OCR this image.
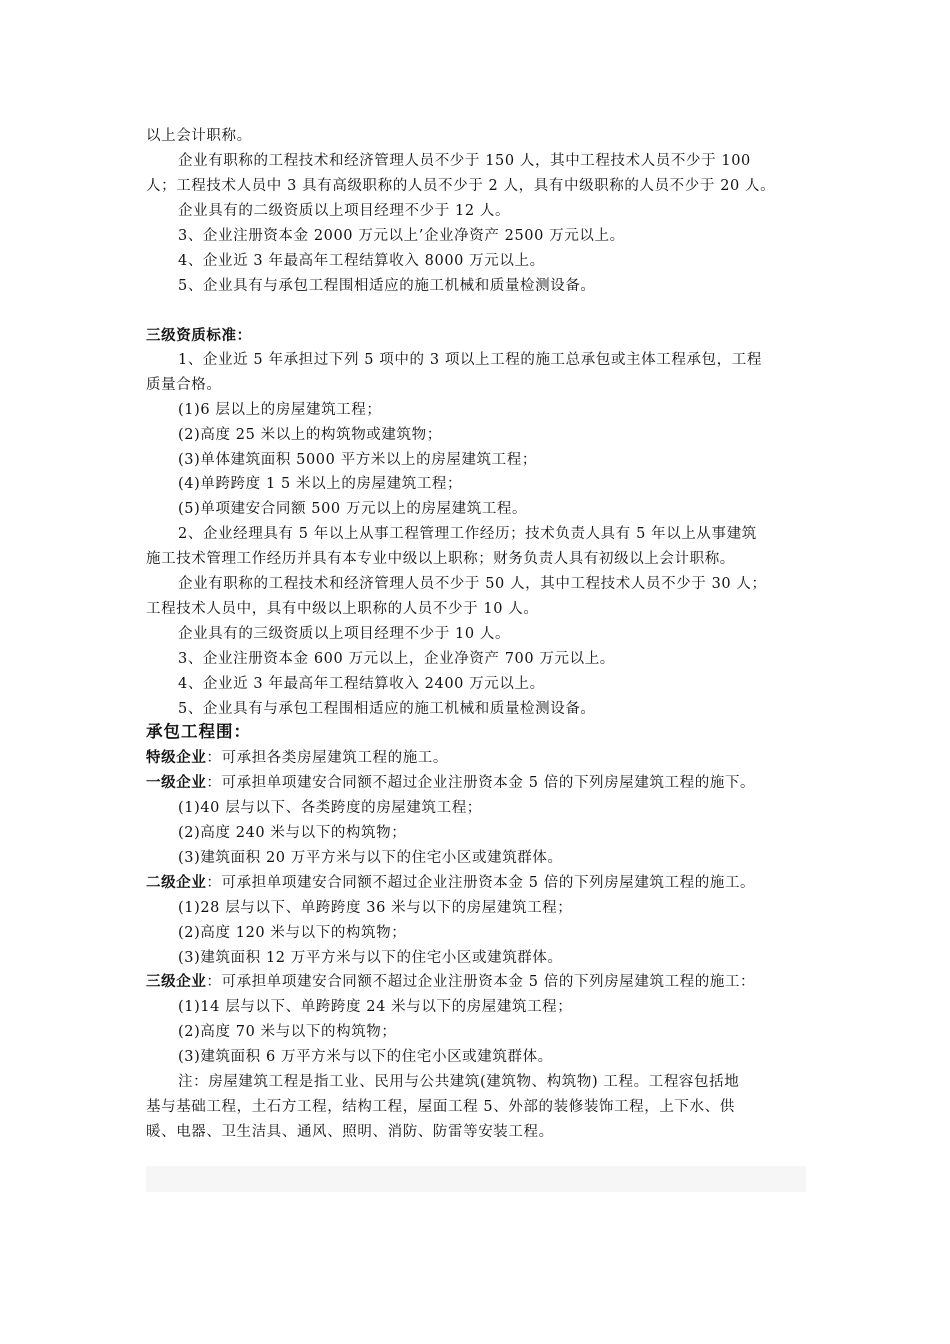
以上会计职称。
企业有职称的工程技术和经济管理人员不少于 150 人，其中工程技术人员不少于 100
人；工程技术人员中 3 具有高级职称的人员不少于 2 人，具有中级职称的人员不少于 20 人。
企业具有的二级资质以上项目经理不少于 12 人。
3、企业注册资本金 2000 万元以上’企业净资产 2500 万元以上。
4、企业近 3 年最高年工程结算收入 8000 万元以上。
5、企业具有与承包工程围相适应的施工机械和质量检测设备。
三级资质标准：
1、企业近 5 年承担过下列 5 项中的 3 项以上工程的施工总承包或主体工程承包，工程
质量合格。
(1)6 层以上的房屋建筑工程；
(2)高度 25 米以上的构筑物或建筑物；
(3)单体建筑面积 5000 平方米以上的房屋建筑工程；
(4)单跨跨度 1 5 米以上的房屋建筑工程；
(5)单项建安合同额 500 万元以上的房屋建筑工程。
2、企业经理具有 5 年以上从事工程管理工作经历；技术负责人具有 5 年以上从事建筑
施工技术管理工作经历并具有本专业中级以上职称；财务负责人具有初级以上会计职称。
企业有职称的工程技术和经济管理人员不少于 50 人，其中工程技术人员不少于 30 人；
工程技术人员中，具有中级以上职称的人员不少于 10 人。
企业具有的三级资质以上项目经理不少于 10 人。
3、企业注册资本金 600 万元以上，企业净资产 700 万元以上。
4、企业近 3 年最高年工程结算收入 2400 万元以上。
5、企业具有与承包工程围相适应的施工机械和质量检测设备。
承包工程围：
特级企业：可承担各类房屋建筑工程的施工。
一级企业：可承担单项建安合同额不超过企业注册资本金 5 倍的下列房屋建筑工程的施下。
(1)40 层与以下、各类跨度的房屋建筑工程；
(2)高度 240 米与以下的构筑物；
(3)建筑面积 20 万平方米与以下的住宅小区或建筑群体。
二级企业：可承担单项建安合同额不超过企业注册资本金 5 倍的下列房屋建筑工程的施工。
(1)28 层与以下、单跨跨度 36 米与以下的房屋建筑工程；
(2)高度 120 米与以下的构筑物；
(3)建筑面积 12 万平方米与以下的住宅小区或建筑群体。
三级企业：可承担单项建安合同额不超过企业注册资本金 5 倍的下列房屋建筑工程的施工：
(1)14 层与以下、单跨跨度 24 米与以下的房屋建筑工程；
(2)高度 70 米与以下的构筑物；
(3)建筑面积 6 万平方米与以下的住宅小区或建筑群体。
注：房屋建筑工程是指工业、民用与公共建筑(建筑物、构筑物) 工程。工程容包括地
基与基础工程，土石方工程，结构工程，屋面工程 5、外部的装修装饰工程，上下水、供
暖、电器、卫生洁具、通风、照明、消防、防雷等安装工程。
